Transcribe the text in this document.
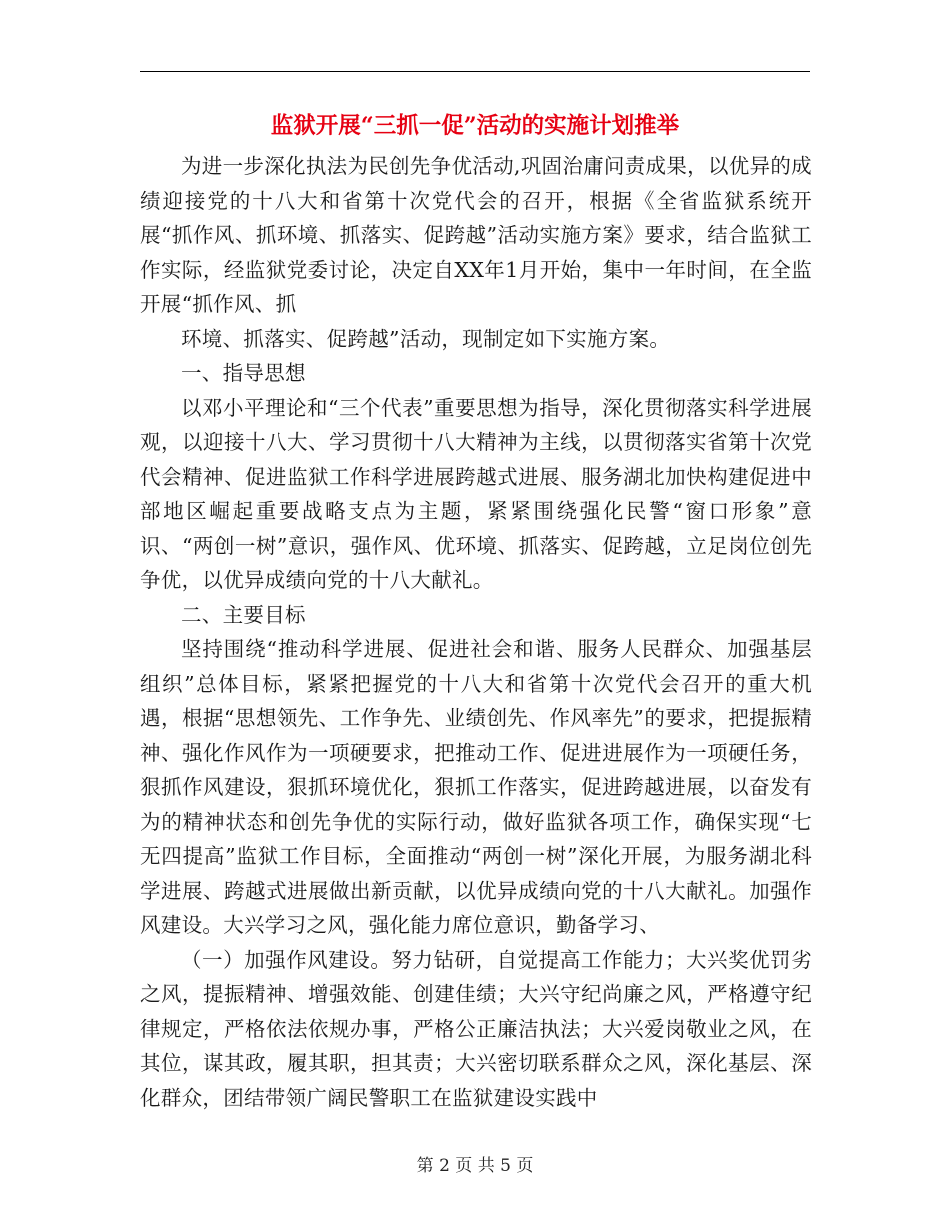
监狱开展“三抓一促”活动的实施计划推举

为进一步深化执法为民创先争优活动,巩固治庸问责成果，以优异的成绩迎接党的十八大和省第十次党代会的召开，根据《全省监狱系统开展“抓作风、抓环境、抓落实、促跨越”活动实施方案》要求，结合监狱工作实际，经监狱党委讨论，决定自XX年1月开始，集中一年时间，在全监开展“抓作风、抓

环境、抓落实、促跨越”活动，现制定如下实施方案。

一、指导思想

以邓小平理论和“三个代表”重要思想为指导，深化贯彻落实科学进展观，以迎接十八大、学习贯彻十八大精神为主线，以贯彻落实省第十次党代会精神、促进监狱工作科学进展跨越式进展、服务湖北加快构建促进中部地区崛起重要战略支点为主题，紧紧围绕强化民警“窗口形象”意识、“两创一树”意识，强作风、优环境、抓落实、促跨越，立足岗位创先争优，以优异成绩向党的十八大献礼。

二、主要目标

坚持围绕“推动科学进展、促进社会和谐、服务人民群众、加强基层组织”总体目标，紧紧把握党的十八大和省第十次党代会召开的重大机遇，根据“思想领先、工作争先、业绩创先、作风率先”的要求，把提振精神、强化作风作为一项硬要求，把推动工作、促进进展作为一项硬任务，狠抓作风建设，狠抓环境优化，狠抓工作落实，促进跨越进展，以奋发有为的精神状态和创先争优的实际行动，做好监狱各项工作，确保实现“七无四提高”监狱工作目标，全面推动“两创一树”深化开展，为服务湖北科学进展、跨越式进展做出新贡献，以优异成绩向党的十八大献礼。加强作风建设。大兴学习之风，强化能力席位意识，勤备学习、

（一）加强作风建设。努力钻研，自觉提高工作能力；大兴奖优罚劣之风，提振精神、增强效能、创建佳绩；大兴守纪尚廉之风，严格遵守纪律规定，严格依法依规办事，严格公正廉洁执法；大兴爱岗敬业之风，在其位，谋其政，履其职，担其责；大兴密切联系群众之风，深化基层、深化群众，团结带领广阔民警职工在监狱建设实践中

第 2 页 共 5 页
